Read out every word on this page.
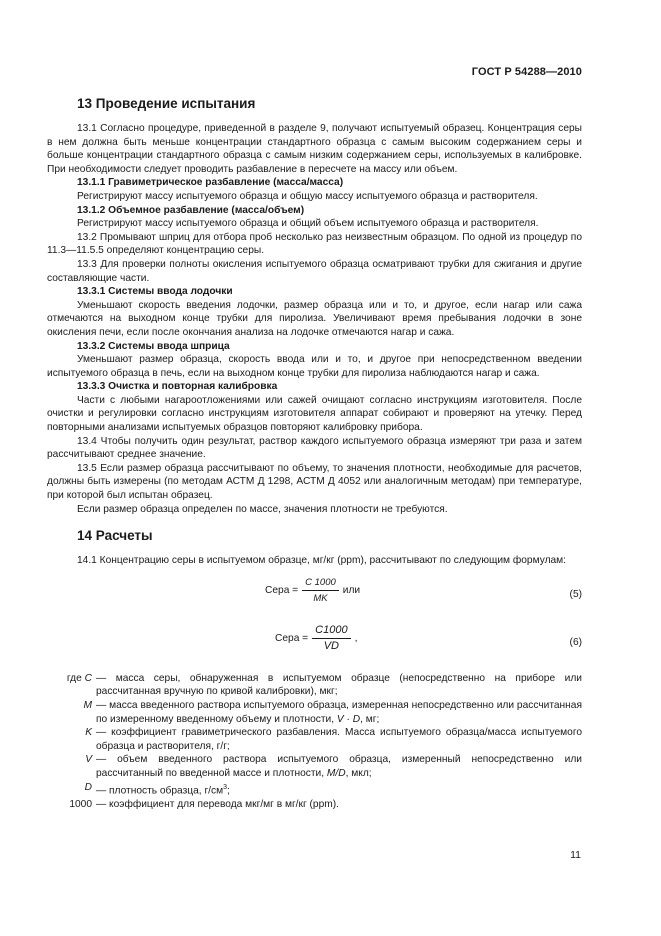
ГОСТ Р 54288—2010
13 Проведение испытания

13.1 Согласно процедуре, приведенной в разделе 9, получают испытуемый образец. Концентрация серы в нем должна быть меньше концентрации стандартного образца с самым высоким содержанием серы и больше концентрации стандартного образца с самым низким содержанием серы, используемых в калибровке. При необходимости следует проводить разбавление в пересчете на массу или объем.

13.1.1 Гравиметрическое разбавление (масса/масса)

Регистрируют массу испытуемого образца и общую массу испытуемого образца и растворителя.

13.1.2 Объемное разбавление (масса/объем)

Регистрируют массу испытуемого образца и общий объем испытуемого образца и растворителя.

13.2 Промывают шприц для отбора проб несколько раз неизвестным образцом. По одной из процедур по 11.3—11.5.5 определяют концентрацию серы.

13.3 Для проверки полноты окисления испытуемого образца осматривают трубки для сжигания и другие составляющие части.

13.3.1 Системы ввода лодочки

Уменьшают скорость введения лодочки, размер образца или и то, и другое, если нагар или сажа отмечаются на выходном конце трубки для пиролиза. Увеличивают время пребывания лодочки в зоне окисления печи, если после окончания анализа на лодочке отмечаются нагар и сажа.

13.3.2 Системы ввода шприца

Уменьшают размер образца, скорость ввода или и то, и другое при непосредственном введении испытуемого образца в печь, если на выходном конце трубки для пиролиза наблюдаются нагар и сажа.

13.3.3 Очистка и повторная калибровка

Части с любыми нагароотложениями или сажей очищают согласно инструкциям изготовителя. После очистки и регулировки согласно инструкциям изготовителя аппарат собирают и проверяют на утечку. Перед повторными анализами испытуемых образцов повторяют калибровку прибора.

13.4 Чтобы получить один результат, раствор каждого испытуемого образца измеряют три раза и затем рассчитывают среднее значение.

13.5 Если размер образца рассчитывают по объему, то значения плотности, необходимые для расчетов, должны быть измерены (по методам АСТМ Д 1298, АСТМ Д 4052 или аналогичным методам) при температуре, при которой был испытан образец.

Если размер образца определен по массе, значения плотности не требуются.

14 Расчеты

14.1 Концентрацию серы в испытуемом образце, мг/кг (ppm), рассчитывают по следующим формулам:

Сера = $\frac{C 1000}{MK}$ или	(5)
Сера = $\frac{C1000}{VD}$ ,	(6)
где C — масса серы, обнаруженная в испытуемом образце (непосредственно на приборе или рассчитанная вручную по кривой калибровки), мкг;
M — масса введенного раствора испытуемого образца, измеренная непосредственно или рассчитанная по измеренному введенному объему и плотности, V · D, мг;
K — коэффициент гравиметрического разбавления. Масса испытуемого образца/масса испытуемого образца и растворителя, г/г;
V — объем введенного раствора испытуемого образца, измеренный непосредственно или рассчитанный по введенной массе и плотности, M/D, мкл;
D — плотность образца, $г/см^3$;
1000 — коэффициент для перевода мкг/мг в мг/кг (ppm).
11
